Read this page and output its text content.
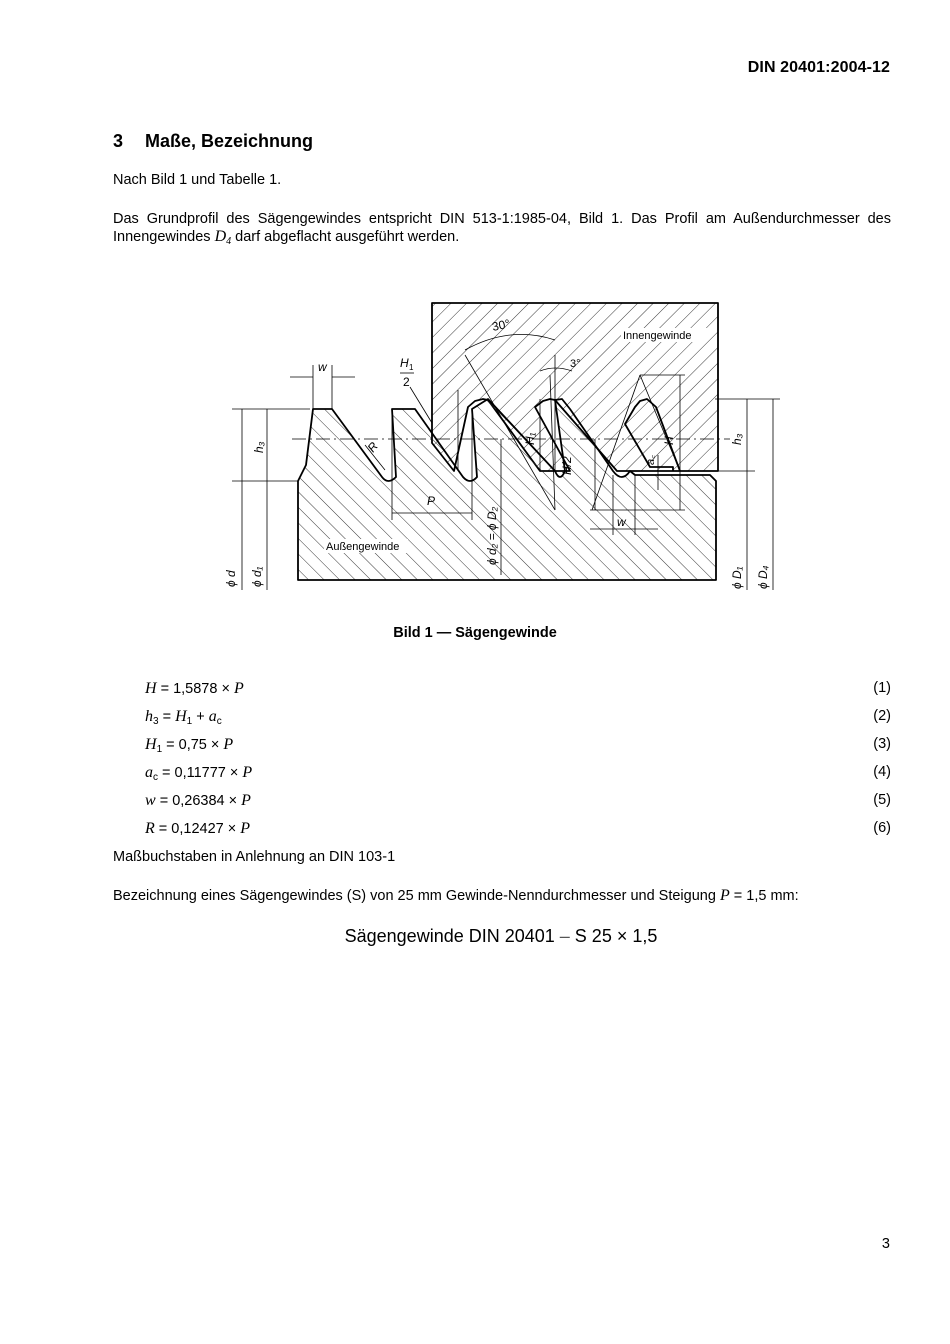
DIN 20401:2004-12
3 Maße, Bezeichnung
Nach Bild 1 und Tabelle 1.
Das Grundprofil des Sägengewindes entspricht DIN 513-1:1985-04, Bild 1. Das Profil am Außendurchmesser des Innengewindes $D_4$ darf abgeflacht ausgeführt werden.
Innengewinde
Außengewinde
30°
3°
w	H 1
2
h₃	R
P
H₁
H/2
H
a꜀
w
ϕ d₂ = ϕ D₂
h₃
ϕ d ϕ d₁	ϕ D₁ ϕ D₄
Bild 1 — Sägengewinde
H = 1,5878 × P	(1)
$h_3 = H_1 + a_c$	(2)
$H_1 = 0,75 \times P$	(3)
$a_c = 0,11777 \times P$	(4)
w = 0,26384 × P	(5)
R = 0,12427 × P	(6)
Maßbuchstaben in Anlehnung an DIN 103-1
Bezeichnung eines Sägengewindes (S) von 25 mm Gewinde-Nenndurchmesser und Steigung P = 1,5 mm:
Sägengewinde DIN 20401 – S 25 × 1,5
3
